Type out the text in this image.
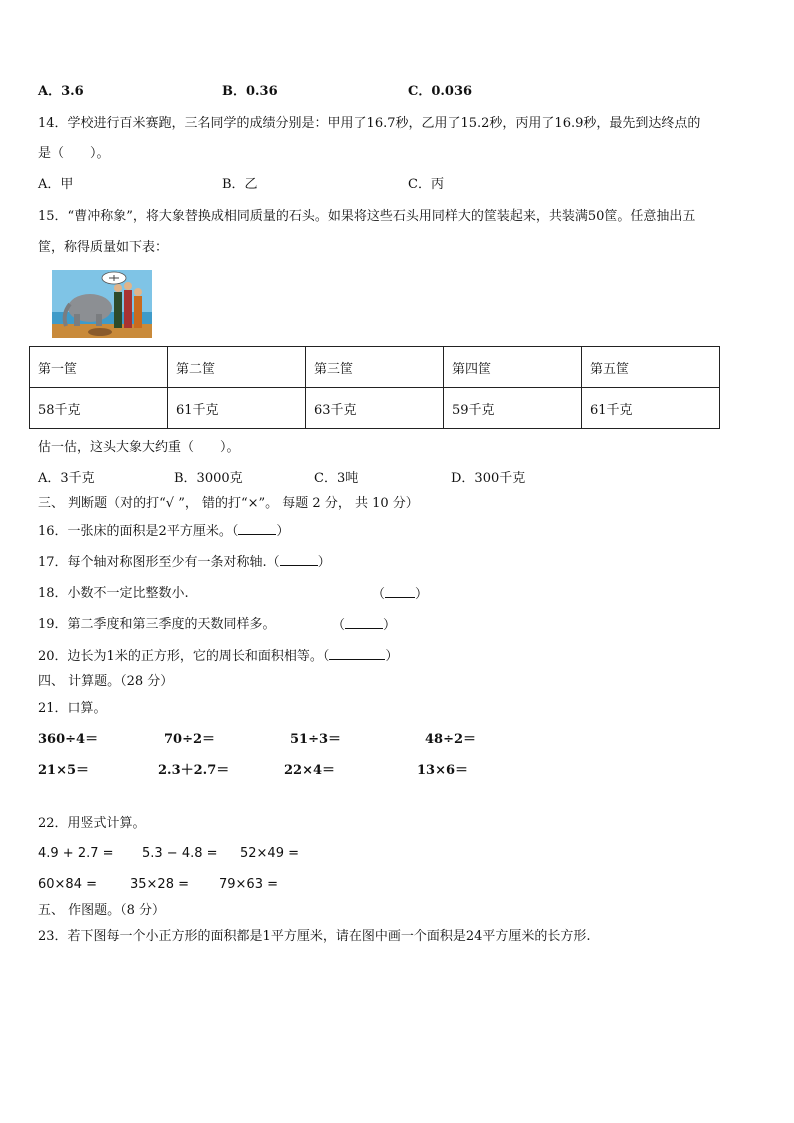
A．3.6	B．0.36	C．0.036
14．学校进行百米赛跑，三名同学的成绩分别是：甲用了16.7秒，乙用了15.2秒，丙用了16.9秒，最先到达终点的
是（　　）。
A．甲	B．乙	C．丙
15．“曹冲称象”，将大象替换成相同质量的石头。如果将这些石头用同样大的筐装起来，共装满50筐。任意抽出五
筐，称得质量如下表：
第一筐	第二筐	第三筐	第四筐	第五筐
58千克	61千克	63千克	59千克	61千克
估一估，这头大象大约重（　　）。
A．3千克	B．3000克	C．3吨	D．300千克
三、 判断题（对的打“√ ”， 错的打“×”。 每题 2 分， 共 10 分）
16．一张床的面积是2平方厘米。（	）
17．每个轴对称图形至少有一条对称轴.（	）
18．小数不一定比整数小.	（ ）
19．第二季度和第三季度的天数同样多。	（	）
20．边长为1米的正方形，它的周长和面积相等。（	）
四、 计算题。（28 分）
21．口算。
360÷4＝	70÷2＝	51÷3＝	48÷2＝
21×5＝	2.3＋2.7＝	22×4＝	13×6＝
22．用竖式计算。
4.9 + 2.7 = 5.3 − 4.8 = 52×49 =
60×84 =	35×28 = 79×63 =
五、 作图题。（8 分）
23．若下图每一个小正方形的面积都是1平方厘米，请在图中画一个面积是24平方厘米的长方形.
